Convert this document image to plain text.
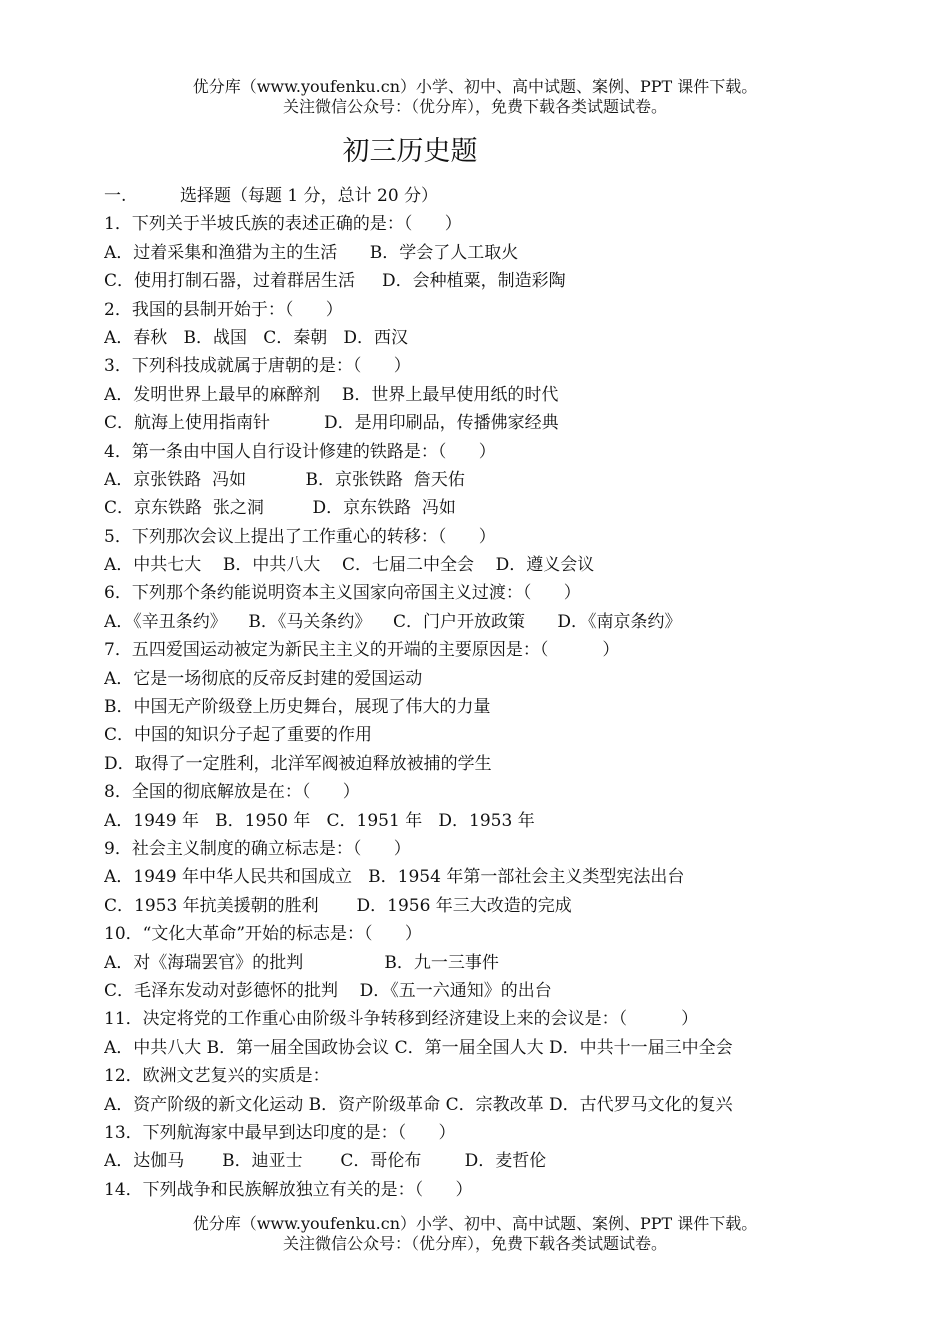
优分库（www.youfenku.cn）小学、初中、高中试题、案例、PPT 课件下载。
关注微信公众号：（优分库），免费下载各类试题试卷。
初三历史题
一.	选择题（每题 1 分，总计 20 分）
1．下列关于半坡氏族的表述正确的是：（      ）
A．过着采集和渔猎为主的生活      B．学会了人工取火
C．使用打制石器，过着群居生活     D．会种植粟，制造彩陶
2．我国的县制开始于：（      ）
A．春秋   B．战国   C．秦朝   D．西汉
3．下列科技成就属于唐朝的是：（      ）
A．发明世界上最早的麻醉剂    B．世界上最早使用纸的时代
C．航海上使用指南针          D．是用印刷品，传播佛家经典
4．第一条由中国人自行设计修建的铁路是：（      ）
A．京张铁路  冯如           B．京张铁路  詹天佑
C．京东铁路  张之洞         D．京东铁路  冯如
5．下列那次会议上提出了工作重心的转移：（      ）
A．中共七大    B．中共八大    C．七届二中全会    D．遵义会议
6．下列那个条约能说明资本主义国家向帝国主义过渡：（      ）
A．《辛丑条约》    B．《马关条约》    C．门户开放政策      D．《南京条约》
7．五四爱国运动被定为新民主主义的开端的主要原因是：（          ）
A．它是一场彻底的反帝反封建的爱国运动
B．中国无产阶级登上历史舞台，展现了伟大的力量
C．中国的知识分子起了重要的作用
D．取得了一定胜利，北洋军阀被迫释放被捕的学生
8．全国的彻底解放是在：（      ）
A．1949 年   B．1950 年   C．1951 年   D．1953 年
9．社会主义制度的确立标志是：（      ）
A．1949 年中华人民共和国成立   B．1954 年第一部社会主义类型宪法出台
C．1953 年抗美援朝的胜利       D．1956 年三大改造的完成
10．“文化大革命”开始的标志是：（      ）
A．对《海瑞罢官》的批判               B．九一三事件
C．毛泽东发动对彭德怀的批判    D．《五一六通知》的出台
11．决定将党的工作重心由阶级斗争转移到经济建设上来的会议是：（          ）
A．中共八大 B．第一届全国政协会议 C．第一届全国人大 D．中共十一届三中全会
12．欧洲文艺复兴的实质是：
A．资产阶级的新文化运动 B．资产阶级革命 C．宗教改革 D．古代罗马文化的复兴
13．下列航海家中最早到达印度的是：（      ）
A．达伽马       B．迪亚士       C．哥伦布        D．麦哲伦
14．下列战争和民族解放独立有关的是：（      ）
优分库（www.youfenku.cn）小学、初中、高中试题、案例、PPT 课件下载。
关注微信公众号：（优分库），免费下载各类试题试卷。
